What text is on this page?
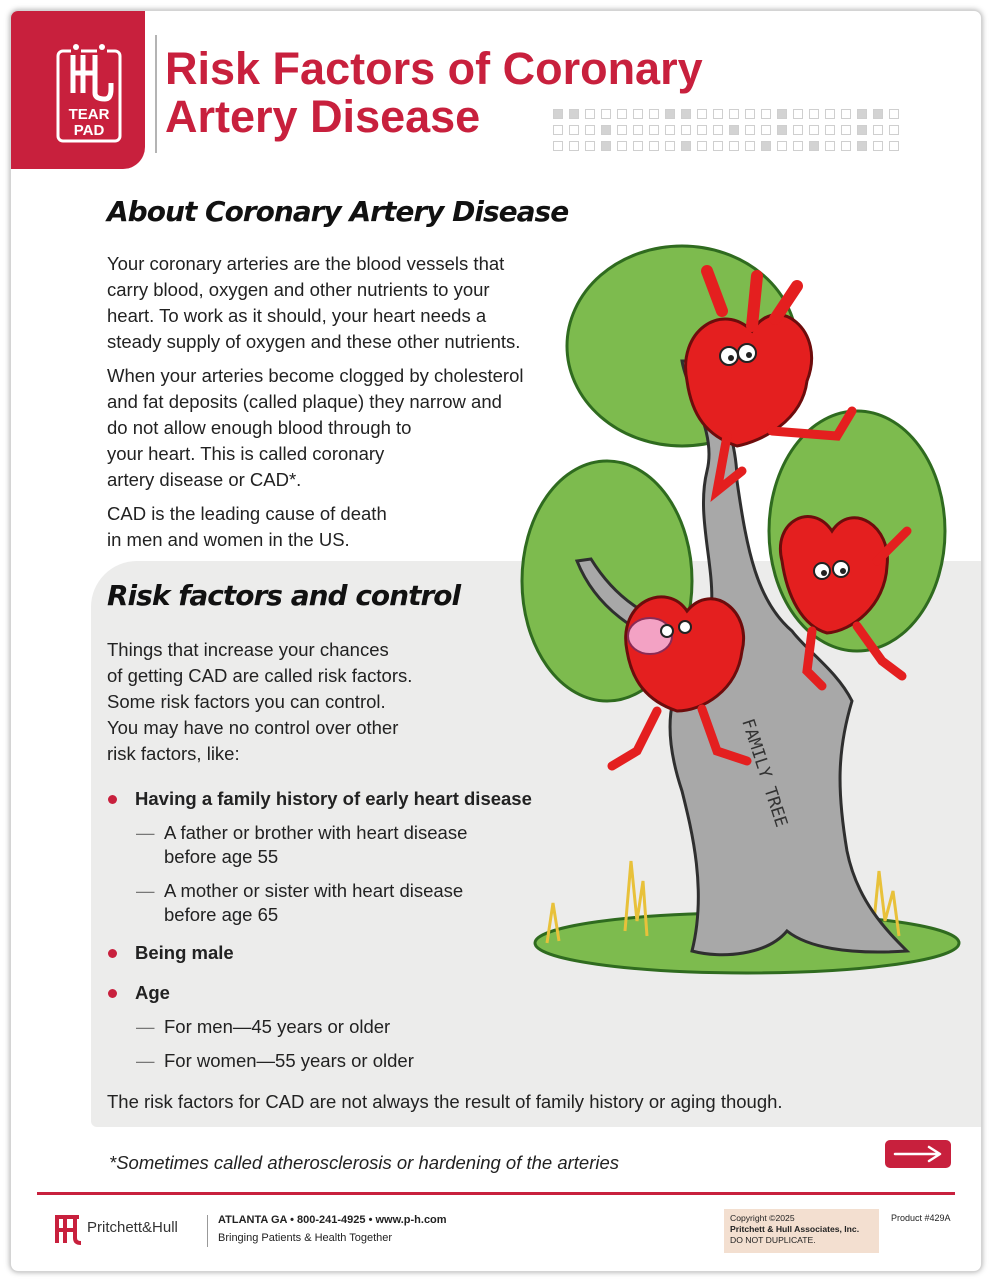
TEAR
PAD
Risk Factors of Coronary
Artery Disease
About Coronary Artery Disease
Your coronary arteries are the blood vessels that
carry blood, oxygen and other nutrients to your
heart. To work as it should, your heart needs a
steady supply of oxygen and these other nutrients.
When your arteries become clogged by cholesterol
and fat deposits (called plaque) they narrow and
do not allow enough blood through to
your heart. This is called coronary
artery disease or CAD*.
CAD is the leading cause of death
in men and women in the US.
FAMILY TREE
Risk factors and control
Things that increase your chances
of getting CAD are called risk factors.
Some risk factors you can control.
You may have no control over other
risk factors, like:
Having a family history of early heart disease
— A father or brother with heart disease
before age 55
— A mother or sister with heart disease
before age 65
Being male
Age
— For men—45 years or older
— For women—55 years or older
The risk factors for CAD are not always the result of family history or aging though.

*Sometimes called atherosclerosis or hardening of the arteries

Pritchett&Hull	ATLANTA GA • 800-241-4925 • www.p-h.com
Bringing Patients & Health Together
Copyright ©2025
Pritchett & Hull Associates, Inc.
DO NOT DUPLICATE.
Product #429A
